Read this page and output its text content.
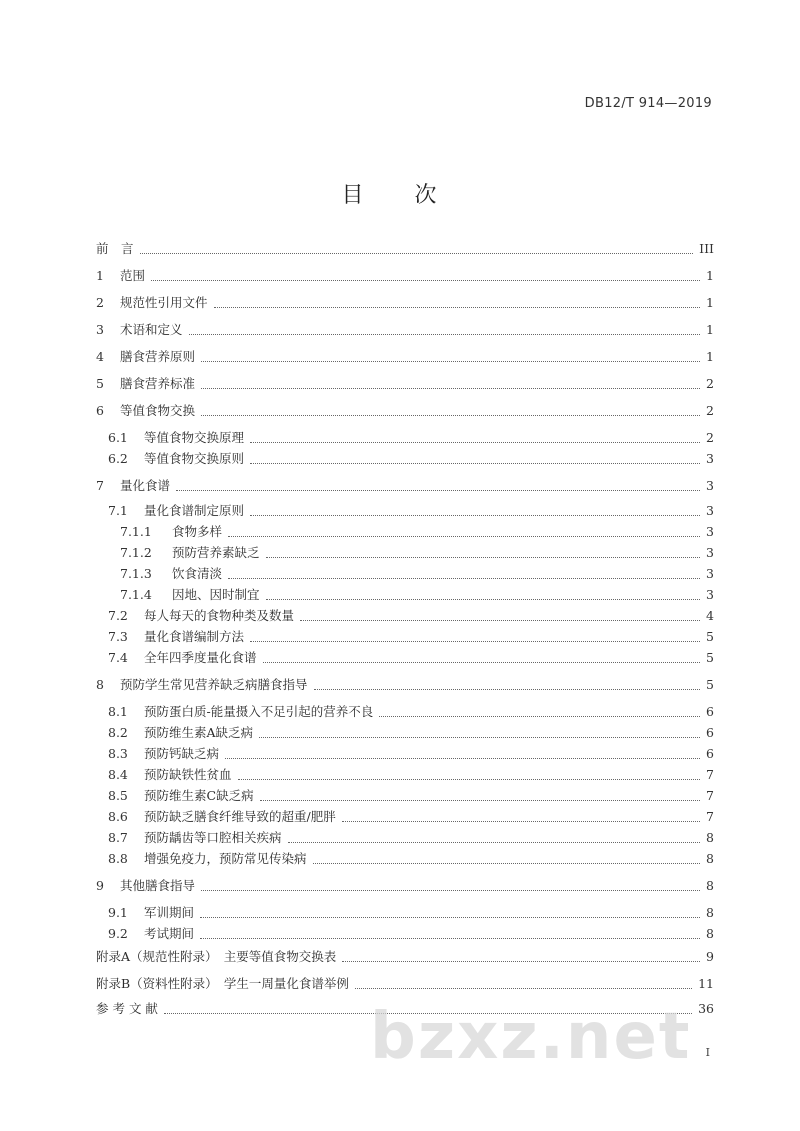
DB12/T 914—2019
目 次
前　言	III
1 范围	1
2 规范性引用文件	1
3 术语和定义	1
4 膳食营养原则	1
5 膳食营养标准	2
6 等值食物交换	2
6.1 等值食物交换原理	2
6.2 等值食物交换原则	3
7 量化食谱	3
7.1 量化食谱制定原则	3
7.1.1 食物多样	3
7.1.2 预防营养素缺乏	3
7.1.3 饮食清淡	3
7.1.4 因地、因时制宜	3
7.2 每人每天的食物种类及数量	4
7.3 量化食谱编制方法	5
7.4 全年四季度量化食谱	5
8 预防学生常见营养缺乏病膳食指导	5
8.1 预防蛋白质-能量摄入不足引起的营养不良	6
8.2 预防维生素A缺乏病	6
8.3 预防钙缺乏病	6
8.4 预防缺铁性贫血	7
8.5 预防维生素C缺乏病	7
8.6 预防缺乏膳食纤维导致的超重/肥胖	7
8.7 预防龋齿等口腔相关疾病	8
8.8 增强免疫力，预防常见传染病	8
9 其他膳食指导	8
9.1 军训期间	8
9.2 考试期间	8
附录A（规范性附录）　主要等值食物交换表	9
附录B（资料性附录）　学生一周量化食谱举例	11
参 考 文 献	36
bzxz.net I
